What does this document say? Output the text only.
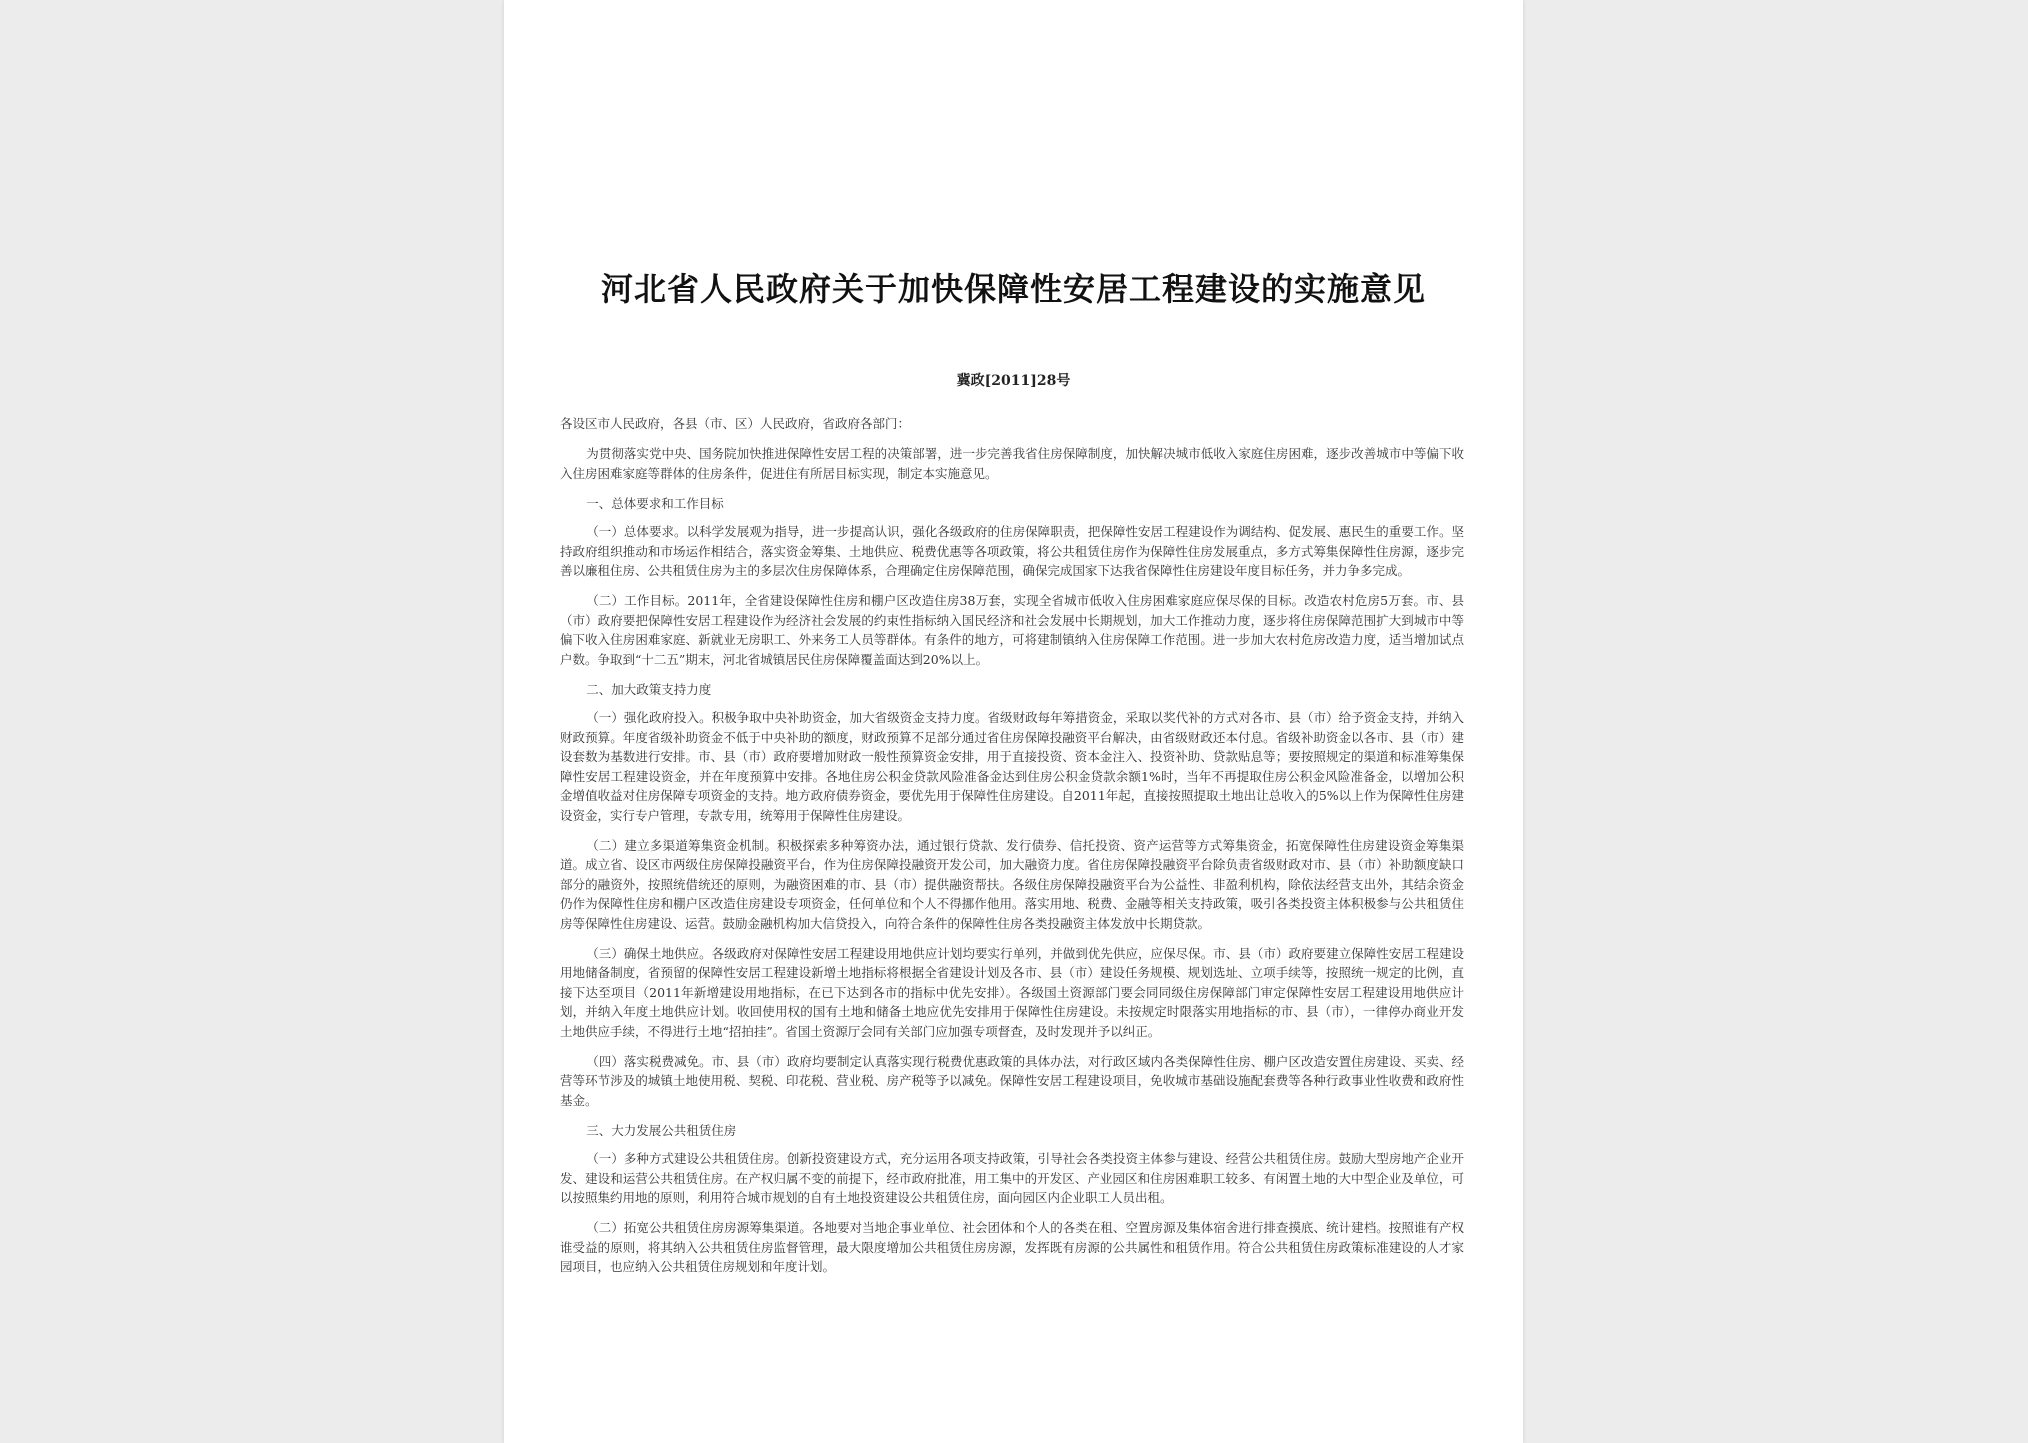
河北省人民政府关于加快保障性安居工程建设的实施意见
冀政[2011]28号

各设区市人民政府，各县（市、区）人民政府，省政府各部门：

为贯彻落实党中央、国务院加快推进保障性安居工程的决策部署，进一步完善我省住房保障制度，加快解决城市低收入家庭住房困难，逐步改善城市中等偏下收入住房困难家庭等群体的住房条件，促进住有所居目标实现，制定本实施意见。

一、总体要求和工作目标

（一）总体要求。以科学发展观为指导，进一步提高认识，强化各级政府的住房保障职责，把保障性安居工程建设作为调结构、促发展、惠民生的重要工作。坚持政府组织推动和市场运作相结合，落实资金筹集、土地供应、税费优惠等各项政策，将公共租赁住房作为保障性住房发展重点，多方式筹集保障性住房源，逐步完善以廉租住房、公共租赁住房为主的多层次住房保障体系，合理确定住房保障范围，确保完成国家下达我省保障性住房建设年度目标任务，并力争多完成。

（二）工作目标。2011年，全省建设保障性住房和棚户区改造住房38万套，实现全省城市低收入住房困难家庭应保尽保的目标。改造农村危房5万套。市、县（市）政府要把保障性安居工程建设作为经济社会发展的约束性指标纳入国民经济和社会发展中长期规划，加大工作推动力度，逐步将住房保障范围扩大到城市中等偏下收入住房困难家庭、新就业无房职工、外来务工人员等群体。有条件的地方，可将建制镇纳入住房保障工作范围。进一步加大农村危房改造力度，适当增加试点户数。争取到“十二五”期末，河北省城镇居民住房保障覆盖面达到20%以上。

二、加大政策支持力度

（一）强化政府投入。积极争取中央补助资金，加大省级资金支持力度。省级财政每年筹措资金，采取以奖代补的方式对各市、县（市）给予资金支持，并纳入财政预算。年度省级补助资金不低于中央补助的额度，财政预算不足部分通过省住房保障投融资平台解决，由省级财政还本付息。省级补助资金以各市、县（市）建设套数为基数进行安排。市、县（市）政府要增加财政一般性预算资金安排，用于直接投资、资本金注入、投资补助、贷款贴息等；要按照规定的渠道和标准筹集保障性安居工程建设资金，并在年度预算中安排。各地住房公积金贷款风险准备金达到住房公积金贷款余额1%时，当年不再提取住房公积金风险准备金，以增加公积金增值收益对住房保障专项资金的支持。地方政府债券资金，要优先用于保障性住房建设。自2011年起，直接按照提取土地出让总收入的5%以上作为保障性住房建设资金，实行专户管理，专款专用，统筹用于保障性住房建设。

（二）建立多渠道筹集资金机制。积极探索多种筹资办法，通过银行贷款、发行债券、信托投资、资产运营等方式筹集资金，拓宽保障性住房建设资金筹集渠道。成立省、设区市两级住房保障投融资平台，作为住房保障投融资开发公司，加大融资力度。省住房保障投融资平台除负责省级财政对市、县（市）补助额度缺口部分的融资外，按照统借统还的原则，为融资困难的市、县（市）提供融资帮扶。各级住房保障投融资平台为公益性、非盈利机构，除依法经营支出外，其结余资金仍作为保障性住房和棚户区改造住房建设专项资金，任何单位和个人不得挪作他用。落实用地、税费、金融等相关支持政策，吸引各类投资主体积极参与公共租赁住房等保障性住房建设、运营。鼓励金融机构加大信贷投入，向符合条件的保障性住房各类投融资主体发放中长期贷款。

（三）确保土地供应。各级政府对保障性安居工程建设用地供应计划均要实行单列，并做到优先供应，应保尽保。市、县（市）政府要建立保障性安居工程建设用地储备制度，省预留的保障性安居工程建设新增土地指标将根据全省建设计划及各市、县（市）建设任务规模、规划选址、立项手续等，按照统一规定的比例，直接下达至项目（2011年新增建设用地指标，在已下达到各市的指标中优先安排）。各级国土资源部门要会同同级住房保障部门审定保障性安居工程建设用地供应计划，并纳入年度土地供应计划。收回使用权的国有土地和储备土地应优先安排用于保障性住房建设。未按规定时限落实用地指标的市、县（市），一律停办商业开发土地供应手续，不得进行土地“招拍挂”。省国土资源厅会同有关部门应加强专项督查，及时发现并予以纠正。

（四）落实税费减免。市、县（市）政府均要制定认真落实现行税费优惠政策的具体办法，对行政区域内各类保障性住房、棚户区改造安置住房建设、买卖、经营等环节涉及的城镇土地使用税、契税、印花税、营业税、房产税等予以减免。保障性安居工程建设项目，免收城市基础设施配套费等各种行政事业性收费和政府性基金。

三、大力发展公共租赁住房

（一）多种方式建设公共租赁住房。创新投资建设方式，充分运用各项支持政策，引导社会各类投资主体参与建设、经营公共租赁住房。鼓励大型房地产企业开发、建设和运营公共租赁住房。在产权归属不变的前提下，经市政府批准，用工集中的开发区、产业园区和住房困难职工较多、有闲置土地的大中型企业及单位，可以按照集约用地的原则，利用符合城市规划的自有土地投资建设公共租赁住房，面向园区内企业职工人员出租。

（二）拓宽公共租赁住房房源筹集渠道。各地要对当地企事业单位、社会团体和个人的各类在租、空置房源及集体宿舍进行排查摸底、统计建档。按照谁有产权谁受益的原则，将其纳入公共租赁住房监督管理，最大限度增加公共租赁住房房源，发挥既有房源的公共属性和租赁作用。符合公共租赁住房政策标准建设的人才家园项目，也应纳入公共租赁住房规划和年度计划。
